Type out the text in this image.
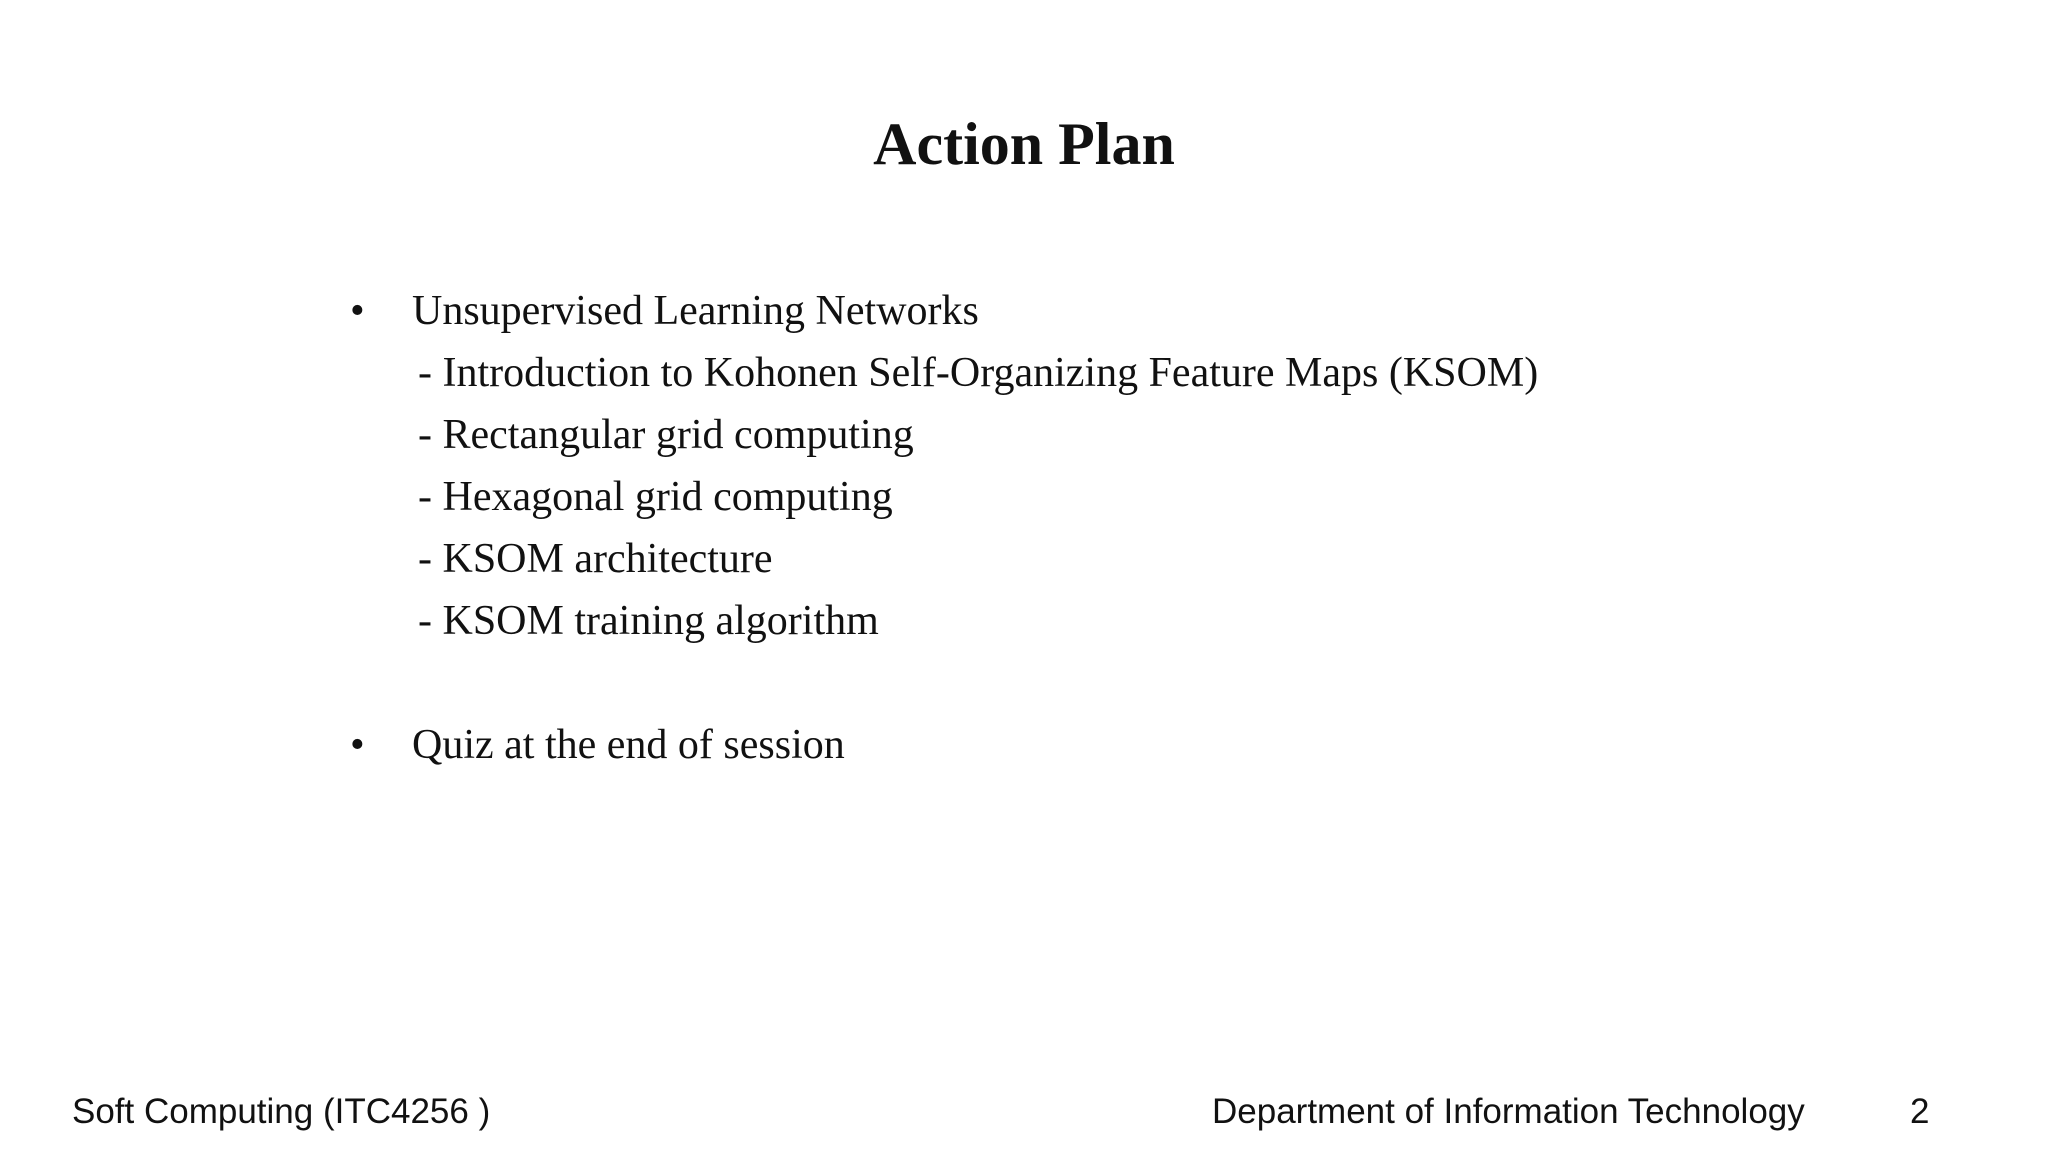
Action Plan
•	Unsupervised Learning Networks
- Introduction to Kohonen Self-Organizing Feature Maps (KSOM)
- Rectangular grid computing
- Hexagonal grid computing
- KSOM architecture
- KSOM training algorithm
•	Quiz at the end of session
Soft Computing (ITC4256 )	Department of Information Technology	2
